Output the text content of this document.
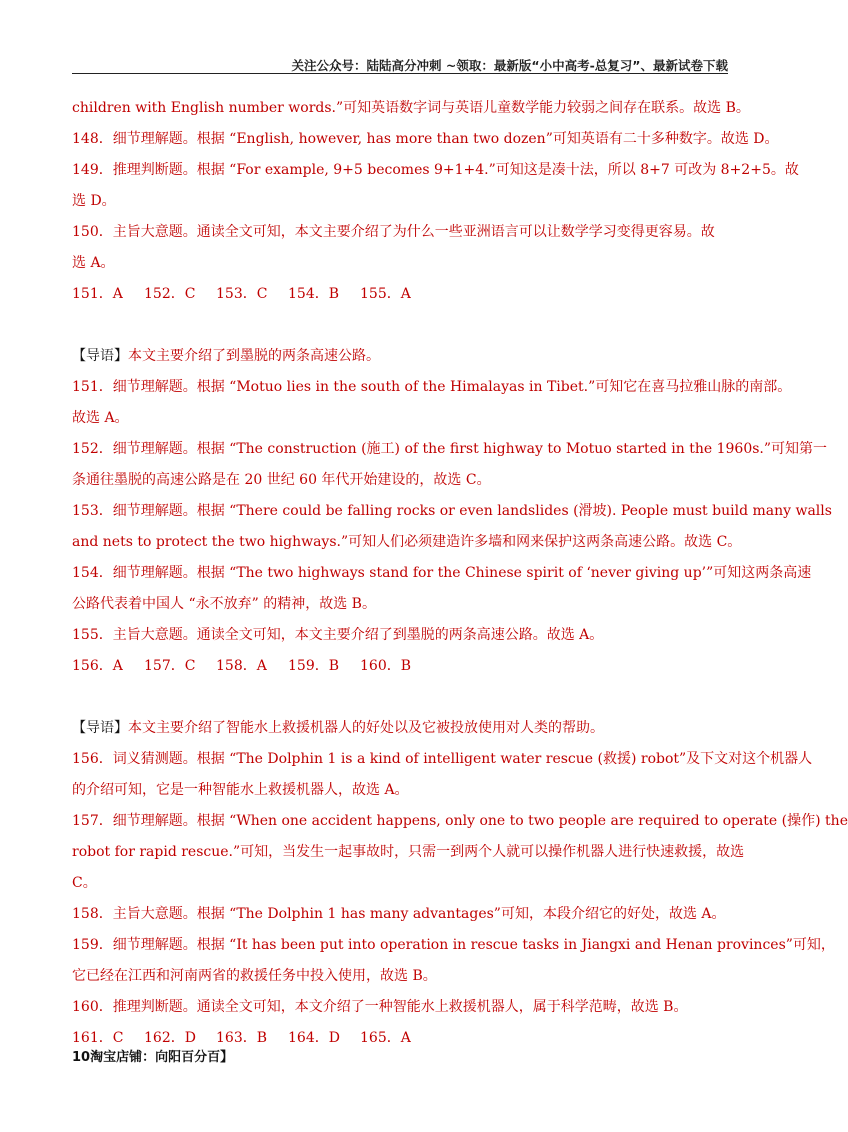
关注公众号：陆陆高分冲刺 ~领取：最新版“小中高考-总复习”、最新试卷下载
children with English number words.”可知英语数字词与英语儿童数学能力较弱之间存在联系。故选 B。
148．细节理解题。根据 “English, however, has more than two dozen”可知英语有二十多种数字。故选 D。
149．推理判断题。根据 “For example, 9+5 becomes 9+1+4.”可知这是凑十法，所以 8+7 可改为 8+2+5。故
选 D。
150．主旨大意题。通读全文可知，本文主要介绍了为什么一些亚洲语言可以让数学学习变得更容易。故
选 A。
151．A	152．C	153．C	154．B	155．A
【导语】本文主要介绍了到墨脱的两条高速公路。
151．细节理解题。根据 “Motuo lies in the south of the Himalayas in Tibet.”可知它在喜马拉雅山脉的南部。
故选 A。
152．细节理解题。根据 “The construction (施工) of the first highway to Motuo started in the 1960s.”可知第一
条通往墨脱的高速公路是在 20 世纪 60 年代开始建设的，故选 C。
153．细节理解题。根据 “There could be falling rocks or even landslides (滑坡). People must build many walls
and nets to protect the two highways.”可知人们必须建造许多墙和网来保护这两条高速公路。故选 C。
154．细节理解题。根据 “The two highways stand for the Chinese spirit of ‘never giving up’”可知这两条高速
公路代表着中国人 “永不放弃” 的精神，故选 B。
155．主旨大意题。通读全文可知，本文主要介绍了到墨脱的两条高速公路。故选 A。
156．A	157．C	158．A	159．B	160．B
【导语】本文主要介绍了智能水上救援机器人的好处以及它被投放使用对人类的帮助。
156．词义猜测题。根据 “The Dolphin 1 is a kind of intelligent water rescue (救援) robot”及下文对这个机器人
的介绍可知，它是一种智能水上救援机器人，故选 A。
157．细节理解题。根据 “When one accident happens, only one to two people are required to operate (操作) the
robot for rapid rescue.”可知，当发生一起事故时，只需一到两个人就可以操作机器人进行快速救援，故选
C。
158．主旨大意题。根据 “The Dolphin 1 has many advantages”可知，本段介绍它的好处，故选 A。
159．细节理解题。根据 “It has been put into operation in rescue tasks in Jiangxi and Henan provinces”可知，
它已经在江西和河南两省的救援任务中投入使用，故选 B。
160．推理判断题。通读全文可知，本文介绍了一种智能水上救援机器人，属于科学范畴，故选 B。
161．C	162．D	163．B	164．D	165．A
10淘宝店铺：向阳百分百】
